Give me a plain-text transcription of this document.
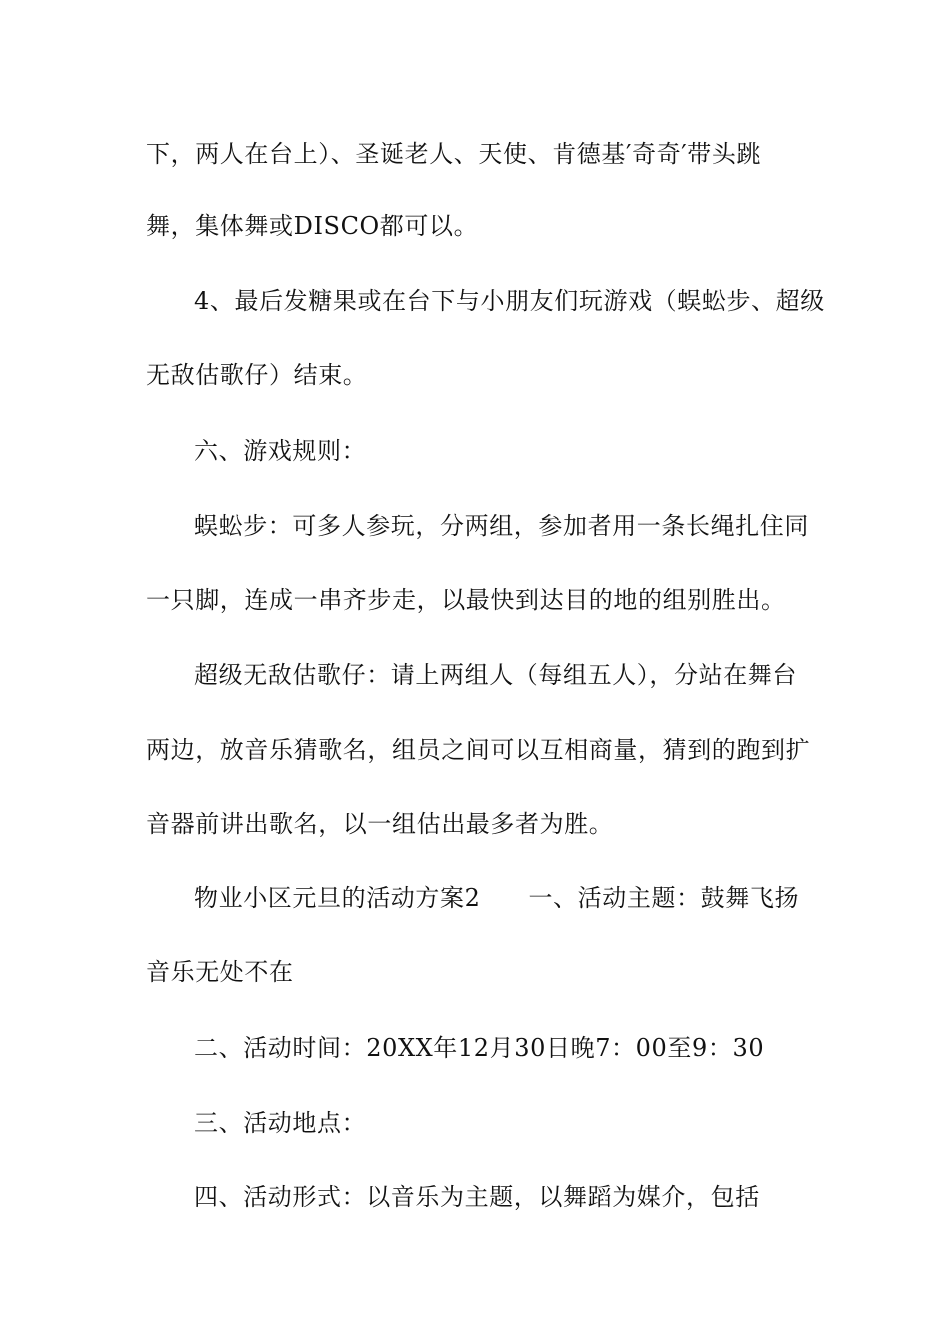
下，两人在台上）、圣诞老人、天使、肯德基′奇奇′带头跳
舞，集体舞或DISCO都可以。
4、最后发糖果或在台下与小朋友们玩游戏（蜈蚣步、超级
无敌估歌仔）结束。
六、游戏规则：
蜈蚣步：可多人参玩，分两组，参加者用一条长绳扎住同
一只脚，连成一串齐步走，以最快到达目的地的组别胜出。
超级无敌估歌仔：请上两组人（每组五人），分站在舞台
两边，放音乐猜歌名，组员之间可以互相商量，猜到的跑到扩
音器前讲出歌名，以一组估出最多者为胜。
物业小区元旦的活动方案2 一、活动主题：鼓舞飞扬
音乐无处不在
二、活动时间：20XX年12月30日晚7：00至9：30
三、活动地点：
四、活动形式：以音乐为主题，以舞蹈为媒介，包括
